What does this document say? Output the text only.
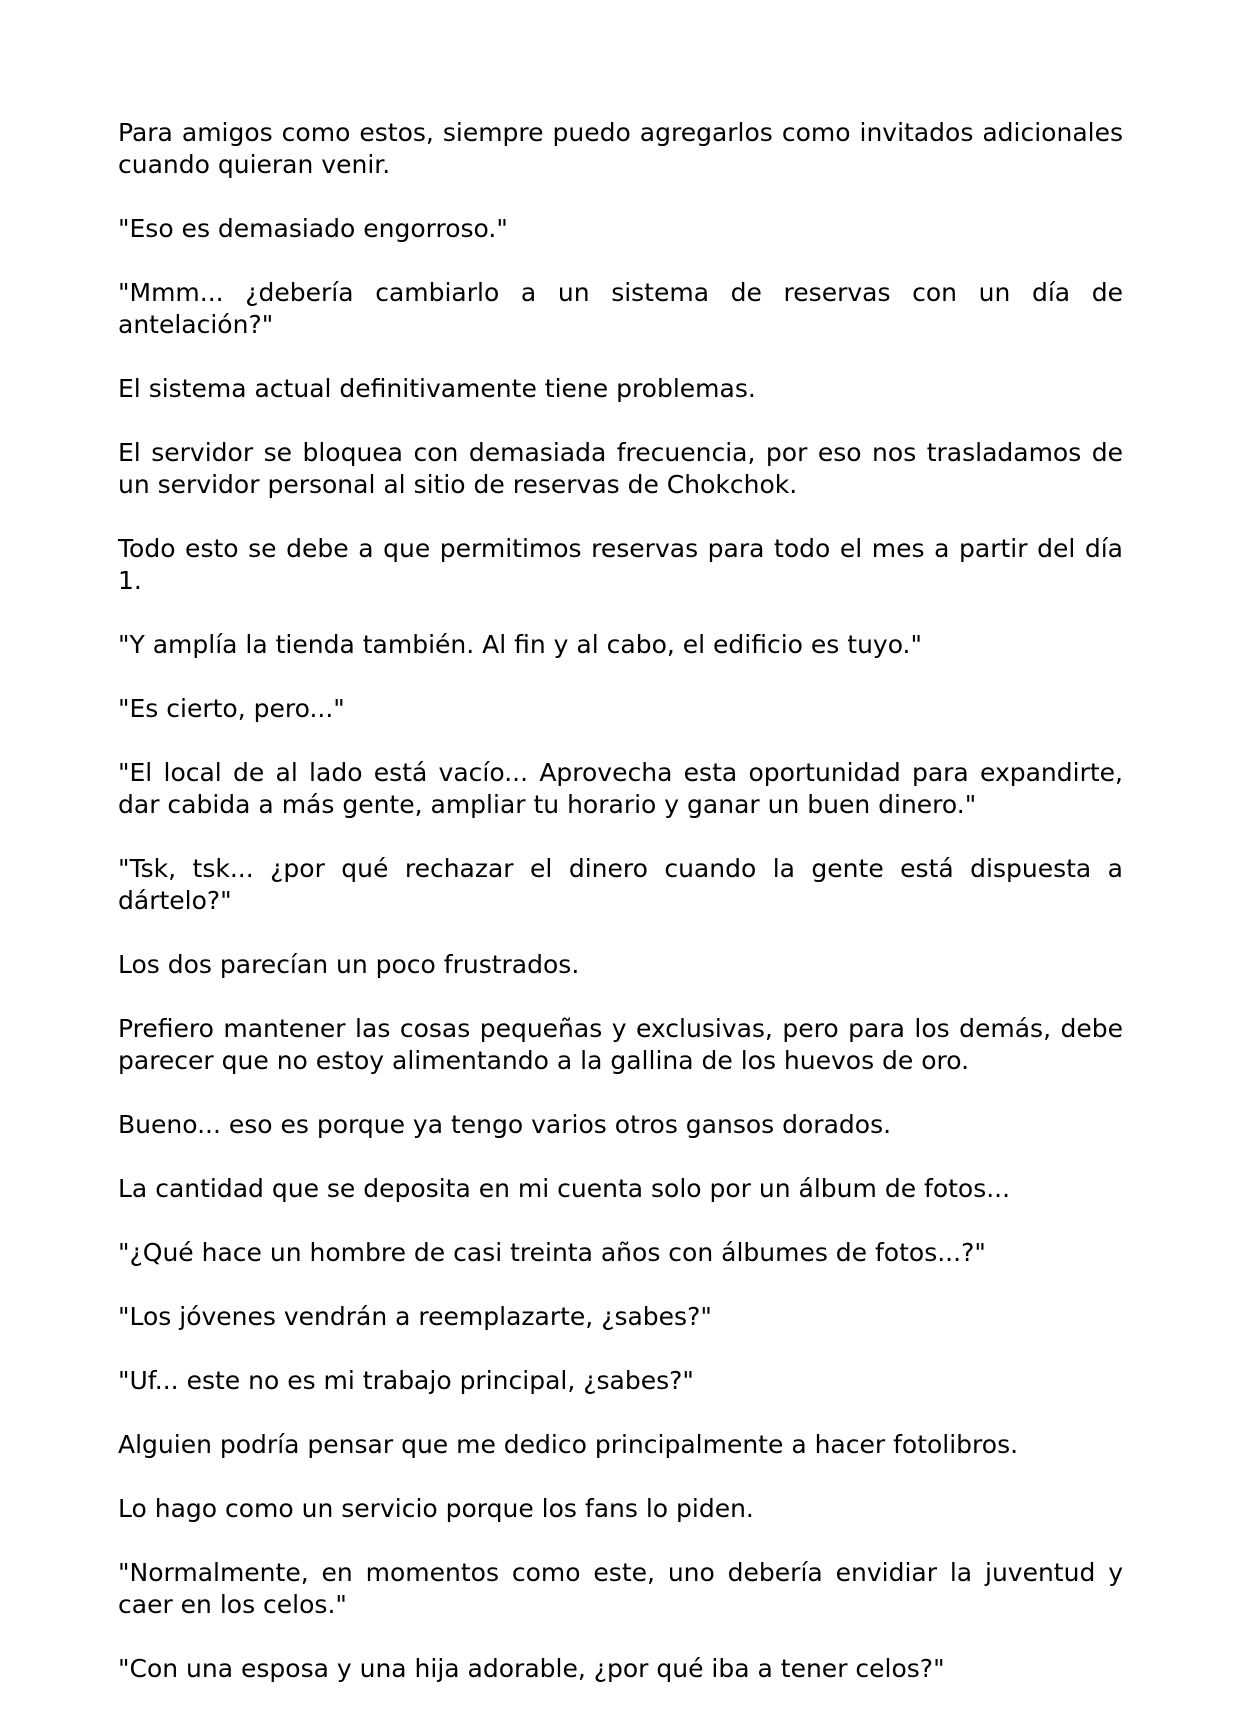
Para amigos como estos, siempre puedo agregarlos como invitados adicionales cuando quieran venir.

"Eso es demasiado engorroso."

"Mmm... ¿debería cambiarlo a un sistema de reservas con un día de antelación?"

El sistema actual definitivamente tiene problemas.

El servidor se bloquea con demasiada frecuencia, por eso nos trasladamos de un servidor personal al sitio de reservas de Chokchok.

Todo esto se debe a que permitimos reservas para todo el mes a partir del día 1.

"Y amplía la tienda también. Al fin y al cabo, el edificio es tuyo."

"Es cierto, pero..."

"El local de al lado está vacío... Aprovecha esta oportunidad para expandirte, dar cabida a más gente, ampliar tu horario y ganar un buen dinero."

"Tsk, tsk... ¿por qué rechazar el dinero cuando la gente está dispuesta a dártelo?"

Los dos parecían un poco frustrados.

Prefiero mantener las cosas pequeñas y exclusivas, pero para los demás, debe parecer que no estoy alimentando a la gallina de los huevos de oro.

Bueno... eso es porque ya tengo varios otros gansos dorados.

La cantidad que se deposita en mi cuenta solo por un álbum de fotos...

"¿Qué hace un hombre de casi treinta años con álbumes de fotos...?"

"Los jóvenes vendrán a reemplazarte, ¿sabes?"

"Uf... este no es mi trabajo principal, ¿sabes?"

Alguien podría pensar que me dedico principalmente a hacer fotolibros.

Lo hago como un servicio porque los fans lo piden.

"Normalmente, en momentos como este, uno debería envidiar la juventud y caer en los celos."

"Con una esposa y una hija adorable, ¿por qué iba a tener celos?"
